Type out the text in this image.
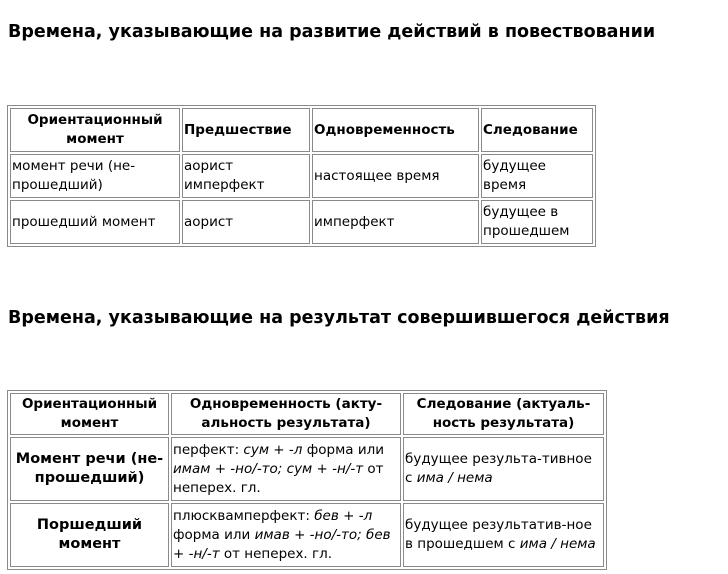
Времена, указывающие на развитие действий в повествовании
Ориентационный момент	Предшествие	Одновременность	Следование
момент речи (не-прошедший)	аорист имперфект	настоящее время	будущее время
прошедший момент	аорист	имперфект	будущее в прошедшем
Времена, указывающие на результат совершившегося действия
Ориентационный момент	Одновременность (акту-альность результата)	Следование (актуаль-ность результата)
Момент речи (не-прошедший)	перфект: сум + -л форма или имам + -но/-то; сум + -н/-т от неперех. гл.	будущее результа-тивное с има / нема
Поршедший момент	плюсквамперфект: бев + -л форма или имав + -но/-то; бев + -н/-т от неперех. гл.	будущее результатив-ное в прошедшем с има / нема
